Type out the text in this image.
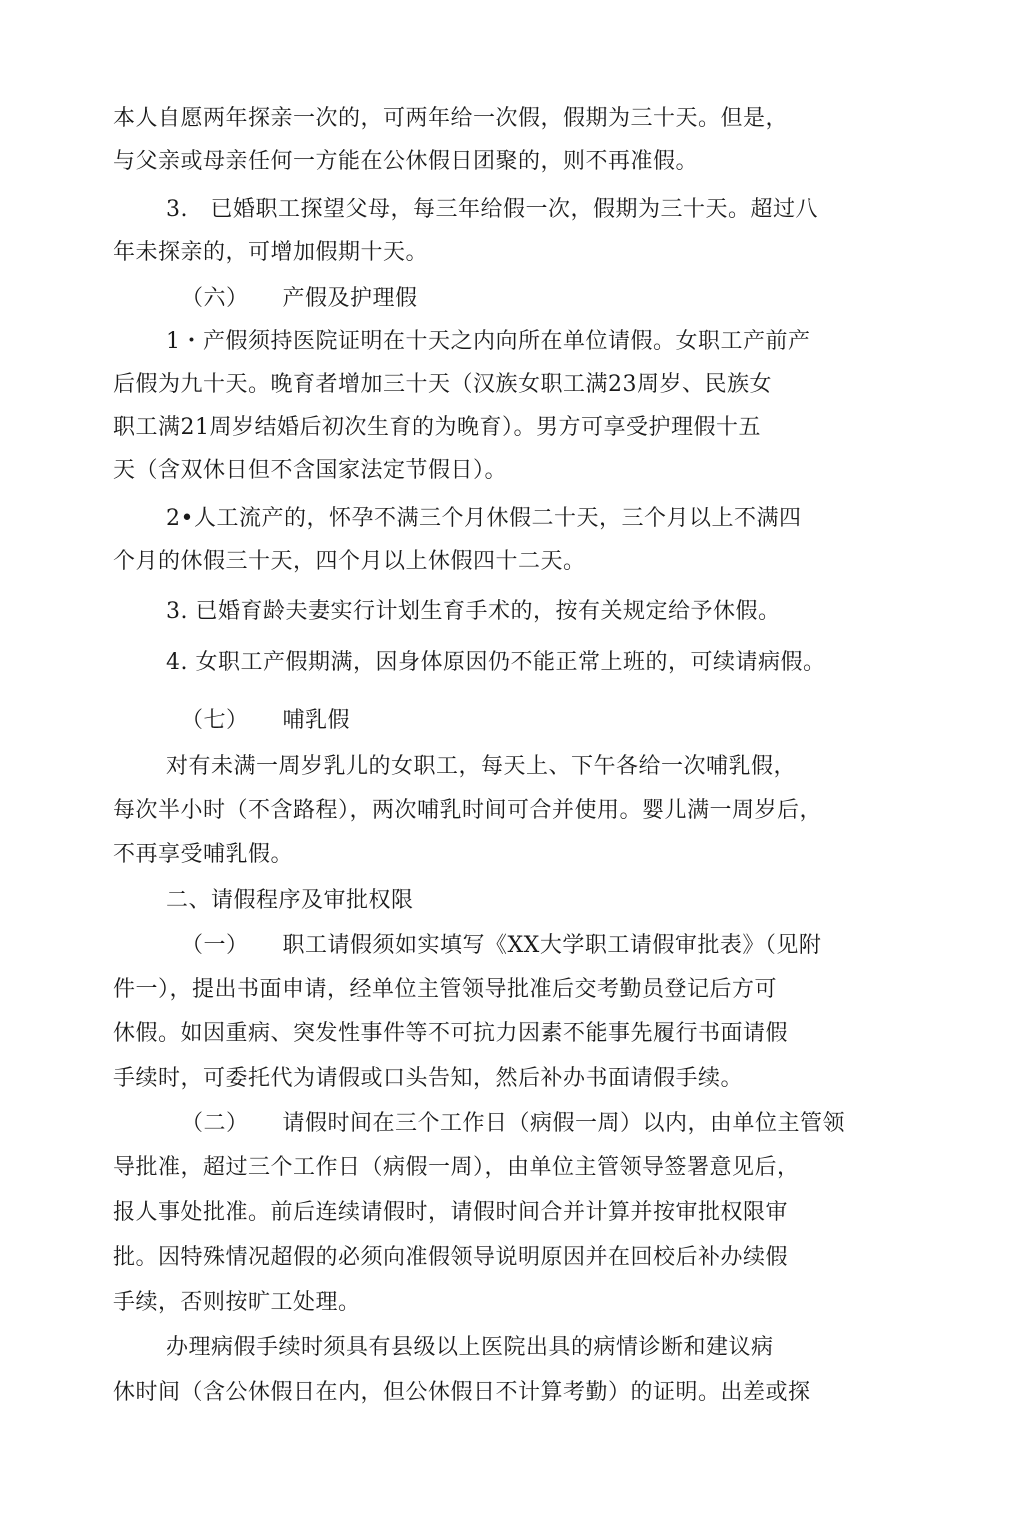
本人自愿两年探亲一次的，可两年给一次假，假期为三十天。但是，
与父亲或母亲任何一方能在公休假日团聚的，则不再准假。
3.　已婚职工探望父母，每三年给假一次，假期为三十天。超过八
年未探亲的，可增加假期十天。
（六）　　产假及护理假
1・产假须持医院证明在十天之内向所在单位请假。女职工产前产
后假为九十天。晚育者增加三十天（汉族女职工满23周岁、民族女
职工满21周岁结婚后初次生育的为晚育）。男方可享受护理假十五
天（含双休日但不含国家法定节假日）。
2•人工流产的，怀孕不满三个月休假二十天，三个月以上不满四
个月的休假三十天，四个月以上休假四十二天。
3. 已婚育龄夫妻实行计划生育手术的，按有关规定给予休假。
4. 女职工产假期满，因身体原因仍不能正常上班的，可续请病假。
（七）　　哺乳假
对有未满一周岁乳儿的女职工，每天上、下午各给一次哺乳假，
每次半小时（不含路程），两次哺乳时间可合并使用。婴儿满一周岁后，
不再享受哺乳假。
二、请假程序及审批权限
（一）　　职工请假须如实填写《XX大学职工请假审批表》（见附
件一），提出书面申请，经单位主管领导批准后交考勤员登记后方可
休假。如因重病、突发性事件等不可抗力因素不能事先履行书面请假
手续时，可委托代为请假或口头告知，然后补办书面请假手续。
（二）　　请假时间在三个工作日（病假一周）以内，由单位主管领
导批准，超过三个工作日（病假一周），由单位主管领导签署意见后，
报人事处批准。前后连续请假时，请假时间合并计算并按审批权限审
批。因特殊情况超假的必须向准假领导说明原因并在回校后补办续假
手续，否则按旷工处理。
办理病假手续时须具有县级以上医院出具的病情诊断和建议病
休时间（含公休假日在内，但公休假日不计算考勤）的证明。出差或探
